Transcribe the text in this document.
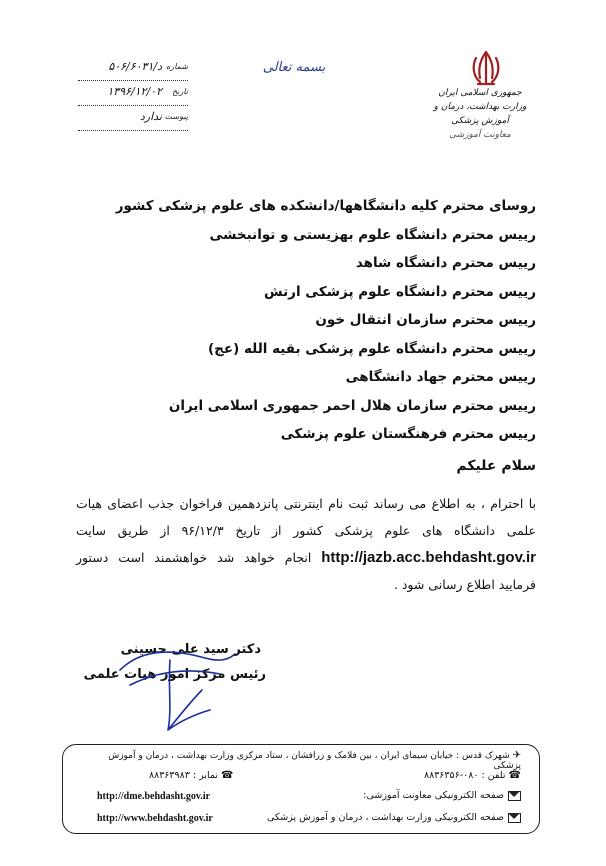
شماره
د/۵۰۶/۶۰۳۱
تاریخ
۱۳۹۶/۱۲/۰۲
پیوست
ندارد
بسمه تعالی
جمهوری اسلامی ایران
وزارت بهداشت، درمان و آموزش پزشکی
معاونت آموزشی
روسای محترم کلیه دانشگاهها/دانشکده های علوم پزشکی کشور
رییس محترم دانشگاه علوم بهزیستی و توانبخشی
رییس محترم دانشگاه شاهد
رییس محترم دانشگاه علوم پزشکی ارتش
رییس محترم سازمان انتقال خون
رییس محترم دانشگاه علوم پزشکی بقیه الله (عج)
رییس محترم جهاد دانشگاهی
رییس محترم سازمان هلال احمر جمهوری اسلامی ایران
رییس محترم فرهنگستان علوم پزشکی
سلام علیکم
با احترام ، به اطلاع می رساند ثبت نام اینترنتی پانزدهمین فراخوان جذب اعضای هیات علمی دانشگاه های علوم پزشکی کشور از تاریخ ۹۶/۱۲/۳ از طریق سایت http://jazb.acc.behdasht.gov.ir انجام خواهد شد خواهشمند است دستور فرمایید اطلاع رسانی شود .
دکتر سید علی حسینی
رئیس مرکز امور هیات علمی
✈شهرک قدس : خیابان سیمای ایران ، بین فلامک و زرافشان ، ستاد مرکزی وزارت بهداشت ، درمان و آموزش پزشکی
☎تلفن : ۰۸۰-۸۸۳۶۳۵۶
☎نمابر : ۸۸۳۶۳۹۸۳
صفحه الکترونیکی معاونت آموزشی:
http://dme.behdasht.gov.ir
صفحه الکترونیکی وزارت بهداشت ، درمان و آموزش پزشکی
http://www.behdasht.gov.ir
